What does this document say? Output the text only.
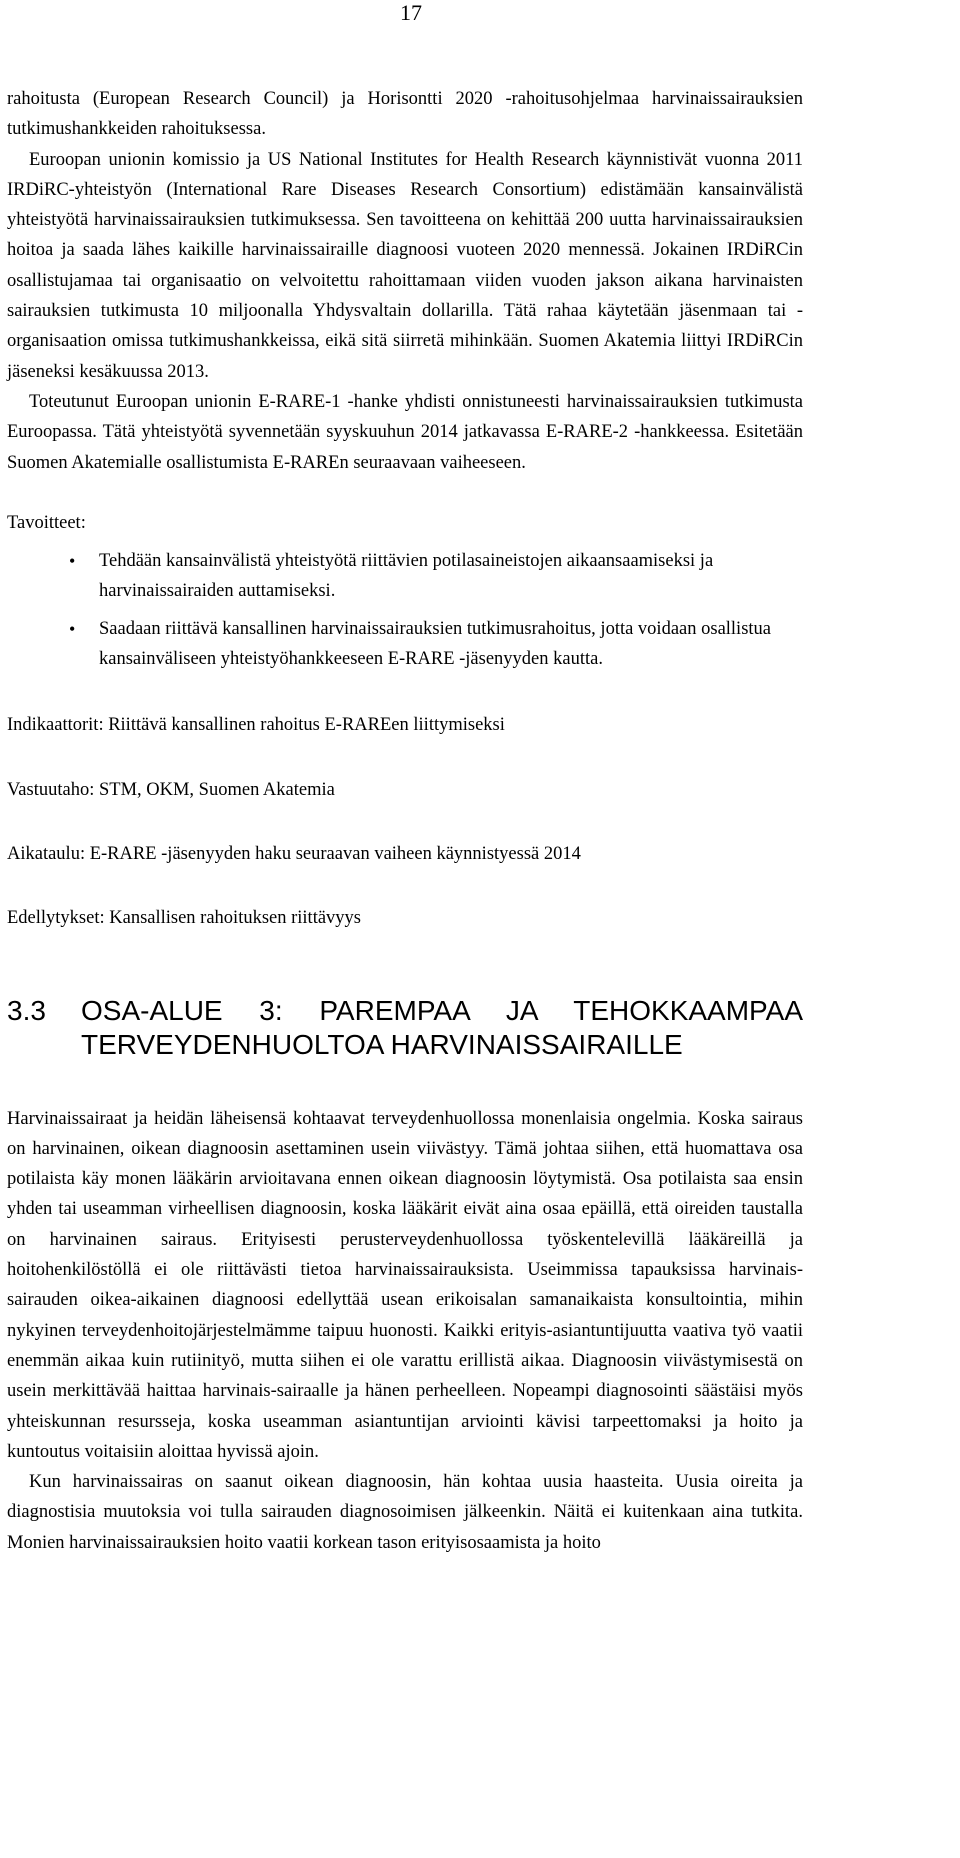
17

rahoitusta (European Research Council) ja Horisontti 2020 -rahoitusohjelmaa harvinaissairauksien tutkimushankkeiden rahoituksessa.

Euroopan unionin komissio ja US National Institutes for Health Research käynnistivät vuonna 2011 IRDiRC-yhteistyön (International Rare Diseases Research Consortium) edistämään kansainvälistä yhteistyötä harvinaissairauksien tutkimuksessa. Sen tavoitteena on kehittää 200 uutta harvinaissairauksien hoitoa ja saada lähes kaikille harvinaissairaille diagnoosi vuoteen 2020 mennessä. Jokainen IRDiRCin osallistujamaa tai organisaatio on velvoitettu rahoittamaan viiden vuoden jakson aikana harvinaisten sairauksien tutkimusta 10 miljoonalla Yhdysvaltain dollarilla. Tätä rahaa käytetään jäsenmaan tai -organisaation omissa tutkimushankkeissa, eikä sitä siirretä mihinkään. Suomen Akatemia liittyi IRDiRCin jäseneksi kesäkuussa 2013.

Toteutunut Euroopan unionin E-RARE-1 -hanke yhdisti onnistuneesti harvinaissairauksien tutkimusta Euroopassa. Tätä yhteistyötä syvennetään syyskuuhun 2014 jatkavassa E-RARE-2 -hankkeessa. Esitetään Suomen Akatemialle osallistumista E-RAREn seuraavaan vaiheeseen.

Tavoitteet:

• Tehdään kansainvälistä yhteistyötä riittävien potilasaineistojen aikaansaamiseksi ja harvinaissairaiden auttamiseksi.
• Saadaan riittävä kansallinen harvinaissairauksien tutkimusrahoitus, jotta voidaan osallistua kansainväliseen yhteistyöhankkeeseen E-RARE -jäsenyyden kautta.

Indikaattorit: Riittävä kansallinen rahoitus E-RAREen liittymiseksi

Vastuutaho: STM, OKM, Suomen Akatemia

Aikataulu: E-RARE -jäsenyyden haku seuraavan vaiheen käynnistyessä 2014

Edellytykset: Kansallisen rahoituksen riittävyys

3.3	OSA-ALUE 3: PAREMPAA JA TEHOKKAAMPAA TERVEYDENHUOLTOA HARVINAISSAIRAILLE

Harvinaissairaat ja heidän läheisensä kohtaavat terveydenhuollossa monenlaisia ongelmia. Koska sairaus on harvinainen, oikean diagnoosin asettaminen usein viivästyy. Tämä johtaa siihen, että huomattava osa potilaista käy monen lääkärin arvioitavana ennen oikean diagnoosin löytymistä. Osa potilaista saa ensin yhden tai useamman virheellisen diagnoosin, koska lääkärit eivät aina osaa epäillä, että oireiden taustalla on harvinainen sairaus. Erityisesti perusterveydenhuollossa työskentelevillä lääkäreillä ja hoitohenkilöstöllä ei ole riittävästi tietoa harvinaissairauksista. Useimmissa tapauksissa harvinais- sairauden oikea-aikainen diagnoosi edellyttää usean erikoisalan samanaikaista konsultointia, mihin nykyinen terveydenhoitojärjestelmämme taipuu huonosti. Kaikki erityis-asiantuntijuutta vaativa työ vaatii enemmän aikaa kuin rutiinityö, mutta siihen ei ole varattu erillistä aikaa. Diagnoosin viivästymisestä on usein merkittävää haittaa harvinais-sairaalle ja hänen perheelleen. Nopeampi diagnosointi säästäisi myös yhteiskunnan resursseja, koska useamman asiantuntijan arviointi kävisi tarpeettomaksi ja hoito ja kuntoutus voitaisiin aloittaa hyvissä ajoin.

Kun harvinaissairas on saanut oikean diagnoosin, hän kohtaa uusia haasteita. Uusia oireita ja diagnostisia muutoksia voi tulla sairauden diagnosoimisen jälkeenkin. Näitä ei kuitenkaan aina tutkita. Monien harvinaissairauksien hoito vaatii korkean tason erityisosaamista ja hoito
